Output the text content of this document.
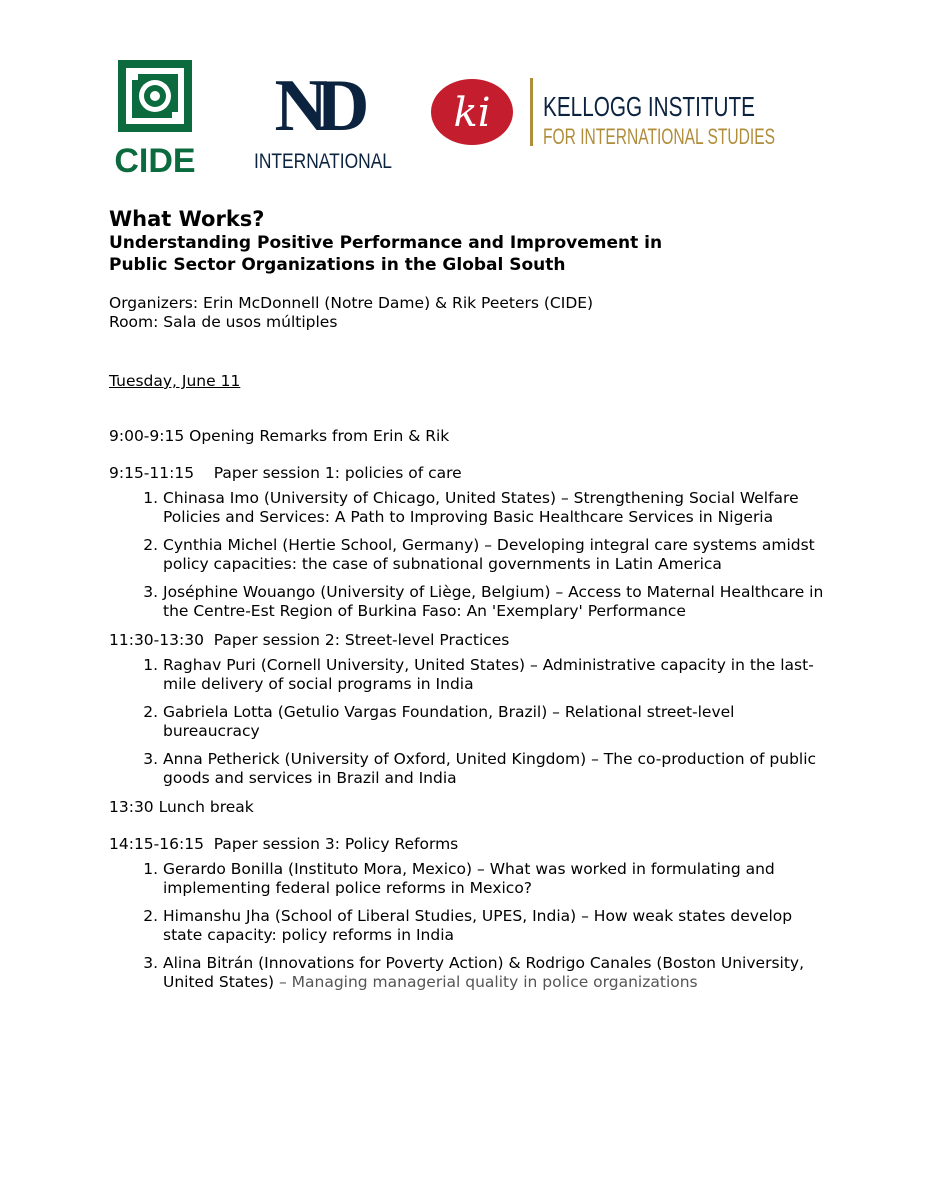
CIDE
ND
INTERNATIONAL
ki KELLOGG INSTITUTE
FOR INTERNATIONAL STUDIES
What Works?
Understanding Positive Performance and Improvement in
Public Sector Organizations in the Global South
Organizers: Erin McDonnell (Notre Dame) & Rik Peeters (CIDE)
Room: Sala de usos múltiples
Tuesday, June 11
9:00-9:15 Opening Remarks from Erin & Rik
9:15-11:15    Paper session 1: policies of care
1. Chinasa Imo (University of Chicago, United States) – Strengthening Social Welfare Policies and Services: A Path to Improving Basic Healthcare Services in Nigeria
2. Cynthia Michel (Hertie School, Germany) – Developing integral care systems amidst policy capacities: the case of subnational governments in Latin America
3. Joséphine Wouango (University of Liège, Belgium) – Access to Maternal Healthcare in the Centre-Est Region of Burkina Faso: An 'Exemplary' Performance
11:30-13:30  Paper session 2: Street-level Practices
1. Raghav Puri (Cornell University, United States) – Administrative capacity in the last-mile delivery of social programs in India
2. Gabriela Lotta (Getulio Vargas Foundation, Brazil) – Relational street-level bureaucracy
3. Anna Petherick (University of Oxford, United Kingdom) – The co-production of public goods and services in Brazil and India
13:30 Lunch break
14:15-16:15  Paper session 3: Policy Reforms
1. Gerardo Bonilla (Instituto Mora, Mexico) – What was worked in formulating and implementing federal police reforms in Mexico?
2. Himanshu Jha (School of Liberal Studies, UPES, India) – How weak states develop state capacity: policy reforms in India
3. Alina Bitrán (Innovations for Poverty Action) & Rodrigo Canales (Boston University, United States) – Managing managerial quality in police organizations
